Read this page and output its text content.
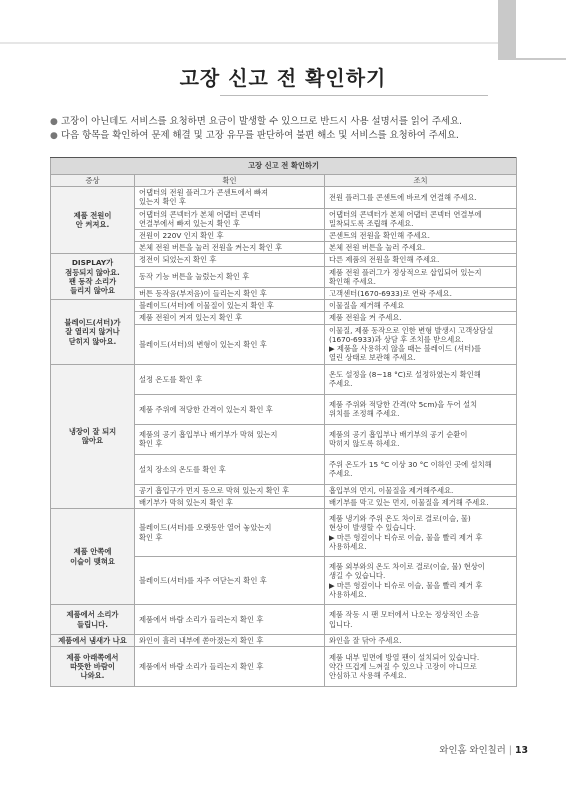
고장 신고 전 확인하기
● 고장이 아닌데도 서비스를 요청하면 요금이 발생할 수 있으므로 반드시 사용 설명서를 읽어 주세요.
● 다음 항목을 확인하여 문제 해결 및 고장 유무를 판단하여 불편 해소 및 서비스를 요청하여 주세요.
고장 신고 전 확인하기		
증상	확인	조치
제품 전원이
안 켜져요.	어댑터의 전원 플러그가 콘센트에서 빠져
있는지 확인 후	전원 플러그를 콘센트에 바르게 연결해 주세요.
	어댑터의 콘넥터가 본체 어댑터 콘넥터
연결부에서 빠져 있는지 확인 후	어댑터의 콘넥터가 본체 어댑터 콘넥터 연결부에
밀착되도록 조립해 주세요.
	전원이 220V 인지 확인 후	콘센트의 전원을 확인해 주세요.
	본체 전원 버튼을 눌러 전원을 켜는지 확인 후	본체 전원 버튼을 눌러 주세요.
DISPLAY가
점등되지 않아요.
팬 동작 소리가
들리지 않아요	정전이 되었는지 확인 후	다른 제품의 전원을 확인해 주세요.
	동작 기능 버튼을 눌렀는지 확인 후	제품 전원 플러그가 정상적으로 삽입되어 있는지
확인해 주세요.
	버튼 동작음(부저음)이 들리는지 확인 후	고객센터(1670-6933)로 연락 주세요.
블레이드(셔터)가
잘 열리지 않거나
닫히지 않아요.	블레이드(셔터)에 이물질이 있는지 확인 후	이물질을 제거해 주세요
	제품 전원이 켜져 있는지 확인 후	제품 전원을 켜 주세요.
	블레이드(셔터)의 변형이 있는지 확인 후	이물질, 제품 동작으로 인한 변형 발생시 고객상담실
(1670-6933)과 상담 후 조치를 받으세요.
▶ 제품을 사용하지 않을 때는 블레이드 (셔터)를
열린 상태로 보관해 주세요.
냉장이 잘 되지
않아요	설정 온도를 확인 후	온도 설정을 (8~18 °C)로 설정하였는지 확인해
주세요.
	제품 주위에 적당한 간격이 있는지 확인 후	제품 주위와 적당한 간격(약 5cm)을 두어 설치
위치를 조정해 주세요.
	제품의 공기 흡입부나 배기부가 막혀 있는지
확인 후	제품의 공기 흡입부나 배기부의 공기 순환이
막히지 않도록 하세요.
	설치 장소의 온도를 확인 후	주위 온도가 15 °C 이상 30 °C 이하인 곳에 설치해
주세요.
	공기 흡입구가 먼지 등으로 막혀 있는지 확인 후	흡입부의 먼지, 이물질을 제거해주세요.
	배기부가 막혀 있는지 확인 후	배기부를 막고 있는 먼지, 이물질을 제거해 주세요.
제품 안쪽에
이슬이 맺혀요	블레이드(셔터)를 오랫동안 열어 놓았는지
확인 후	제품 냉기와 주위 온도 차이로 결로(이슬, 물)
현상이 발생할 수 있습니다.
▶ 마른 헝겊이나 티슈로 이슬, 물을 빨리 제거 후
사용하세요.
	블레이드(셔터)를 자주 여닫는지 확인 후	제품 외부와의 온도 차이로 결로(이슬, 물) 현상이
생길 수 있습니다.
▶ 마른 헝겊이나 티슈로 이슬, 물을 빨리 제거 후
사용하세요.
제품에서 소리가
들립니다.	제품에서 바람 소리가 들리는지 확인 후	제품 작동 시 팬 모터에서 나오는 정상적인 소음
입니다.
제품에서 냄새가 나요	와인이 흘러 내부에 쏟아졌는지 확인 후	와인을 잘 닦아 주세요.
제품 아래쪽에서
따뜻한 바람이
나와요.	제품에서 바람 소리가 들리는지 확인 후	제품 내부 밑면에 방열 팬이 설치되어 있습니다.
약간 뜨겁게 느껴질 수 있으나 고장이 아니므로
안심하고 사용해 주세요.
와인홈 와인칠러 | 13
